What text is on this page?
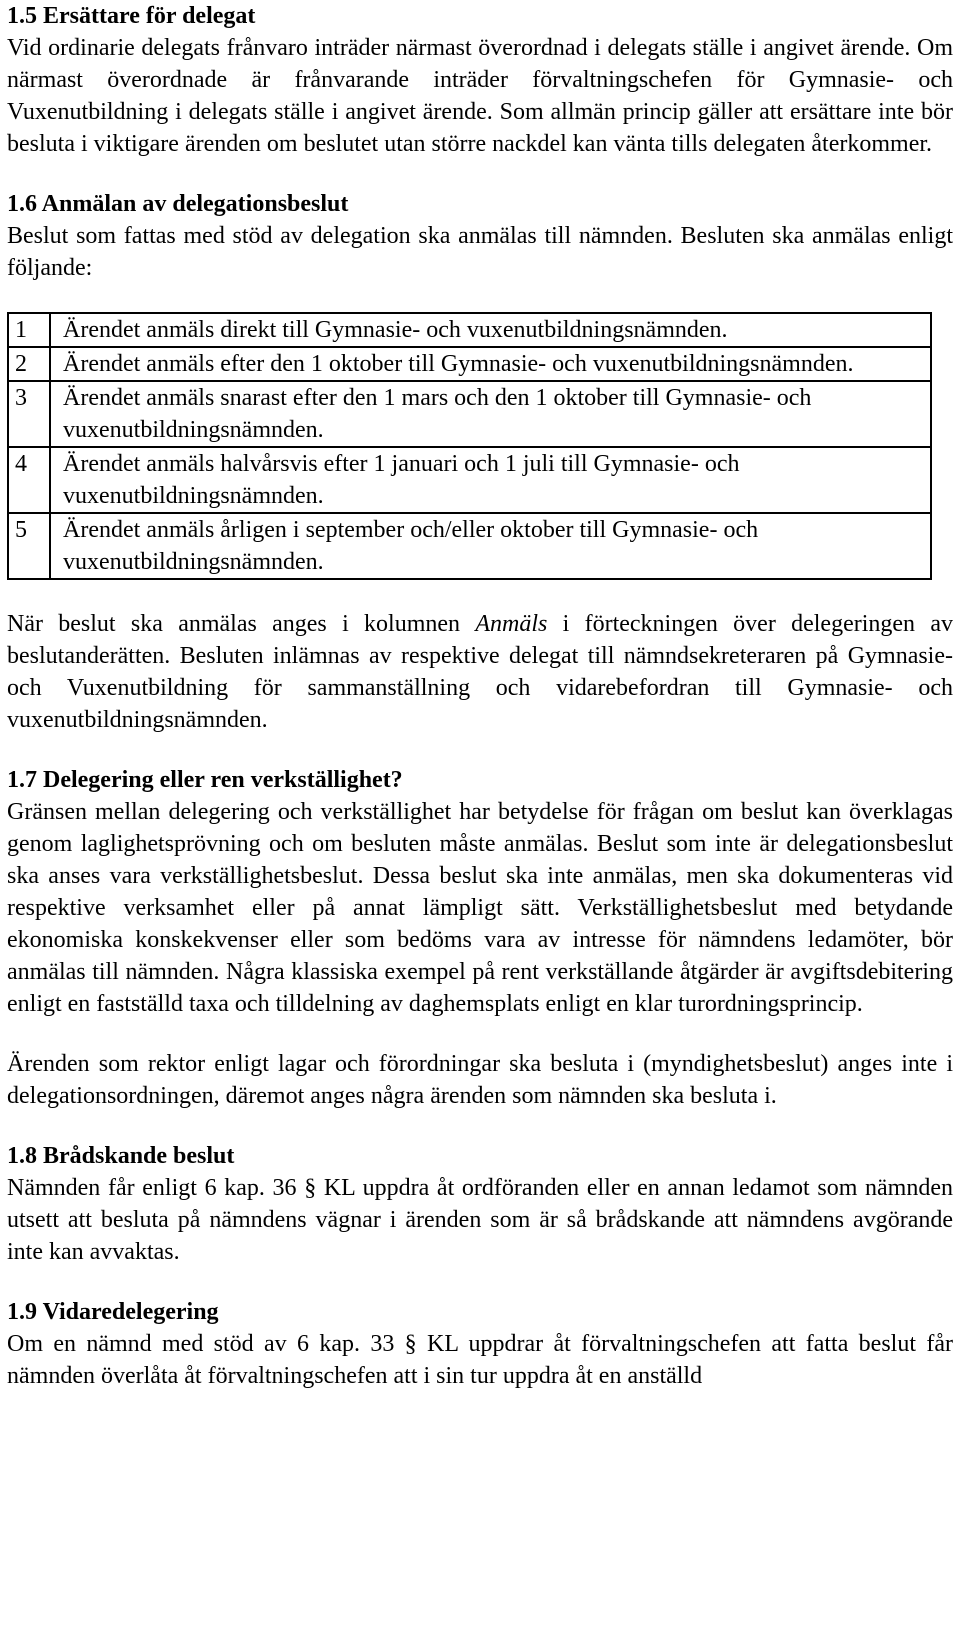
1.5 Ersättare för delegat

Vid ordinarie delegats frånvaro inträder närmast överordnad i delegats ställe i angivet ärende. Om närmast överordnade är frånvarande inträder förvaltningschefen för Gymnasie- och Vuxenutbildning i delegats ställe i angivet ärende. Som allmän princip gäller att ersättare inte bör besluta i viktigare ärenden om beslutet utan större nackdel kan vänta tills delegaten återkommer.

1.6 Anmälan av delegationsbeslut

Beslut som fattas med stöd av delegation ska anmälas till nämnden. Besluten ska anmälas enligt följande:

1	Ärendet anmäls direkt till Gymnasie- och vuxenutbildningsnämnden.
2	Ärendet anmäls efter den 1 oktober till Gymnasie- och vuxenutbildningsnämnden.
3	Ärendet anmäls snarast efter den 1 mars och den 1 oktober till Gymnasie- och vuxenutbildningsnämnden.
4	Ärendet anmäls halvårsvis efter 1 januari och 1 juli till Gymnasie- och vuxenutbildningsnämnden.
5	Ärendet anmäls årligen i september och/eller oktober till Gymnasie- och vuxenutbildningsnämnden.

När beslut ska anmälas anges i kolumnen Anmäls i förteckningen över delegeringen av beslutanderätten. Besluten inlämnas av respektive delegat till nämndsekreteraren på Gymnasie- och Vuxenutbildning för sammanställning och vidarebefordran till Gymnasie- och vuxenutbildningsnämnden.

1.7 Delegering eller ren verkställighet?

Gränsen mellan delegering och verkställighet har betydelse för frågan om beslut kan överklagas genom laglighetsprövning och om besluten måste anmälas. Beslut som inte är delegationsbeslut ska anses vara verkställighetsbeslut. Dessa beslut ska inte anmälas, men ska dokumenteras vid respektive verksamhet eller på annat lämpligt sätt. Verkställighetsbeslut med betydande ekonomiska konskekvenser eller som bedöms vara av intresse för nämndens ledamöter, bör anmälas till nämnden. Några klassiska exempel på rent verkställande åtgärder är avgiftsdebitering enligt en fastställd taxa och tilldelning av daghemsplats enligt en klar turordningsprincip.

Ärenden som rektor enligt lagar och förordningar ska besluta i (myndighetsbeslut) anges inte i delegationsordningen, däremot anges några ärenden som nämnden ska besluta i.

1.8 Brådskande beslut

Nämnden får enligt 6 kap. 36 § KL uppdra åt ordföranden eller en annan ledamot som nämnden utsett att besluta på nämndens vägnar i ärenden som är så brådskande att nämndens avgörande inte kan avvaktas.

1.9 Vidaredelegering

Om en nämnd med stöd av 6 kap. 33 § KL uppdrar åt förvaltningschefen att fatta beslut får nämnden överlåta åt förvaltningschefen att i sin tur uppdra åt en anställd
